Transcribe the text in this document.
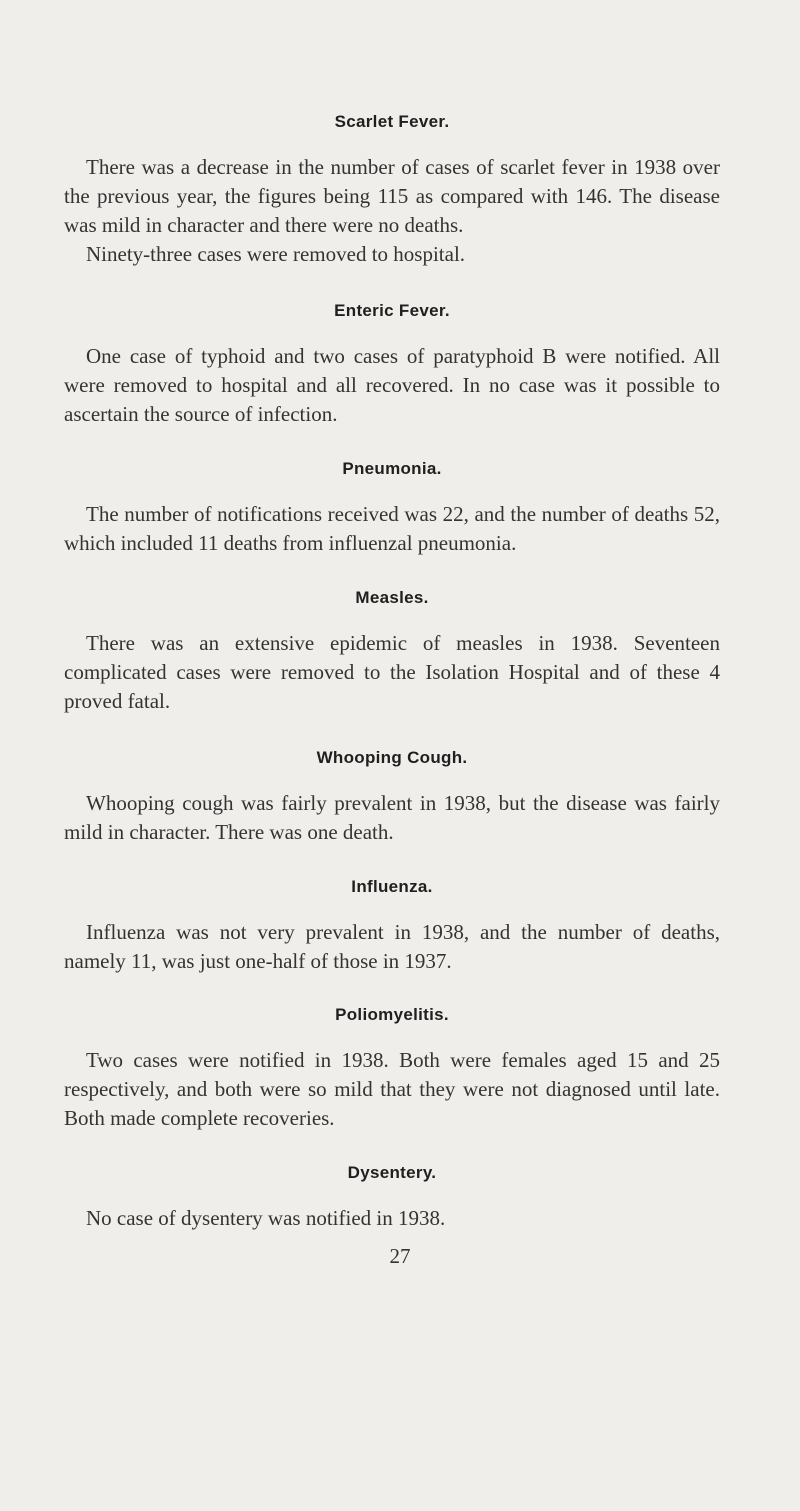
Scarlet Fever.

There was a decrease in the number of cases of scarlet fever in 1938 over the previous year, the figures being 115 as compared with 146. The disease was mild in character and there were no deaths.

Ninety-three cases were removed to hospital.

Enteric Fever.

One case of typhoid and two cases of paratyphoid B were notified. All were removed to hospital and all recovered. In no case was it possible to ascertain the source of infection.

Pneumonia.

The number of notifications received was 22, and the number of deaths 52, which included 11 deaths from influenzal pneumonia.

Measles.

There was an extensive epidemic of measles in 1938. Seventeen complicated cases were removed to the Isolation Hospital and of these 4 proved fatal.

Whooping Cough.

Whooping cough was fairly prevalent in 1938, but the disease was fairly mild in character. There was one death.

Influenza.

Influenza was not very prevalent in 1938, and the number of deaths, namely 11, was just one-half of those in 1937.

Poliomyelitis.

Two cases were notified in 1938. Both were females aged 15 and 25 respectively, and both were so mild that they were not diagnosed until late. Both made complete recoveries.

Dysentery.

No case of dysentery was notified in 1938.

27
